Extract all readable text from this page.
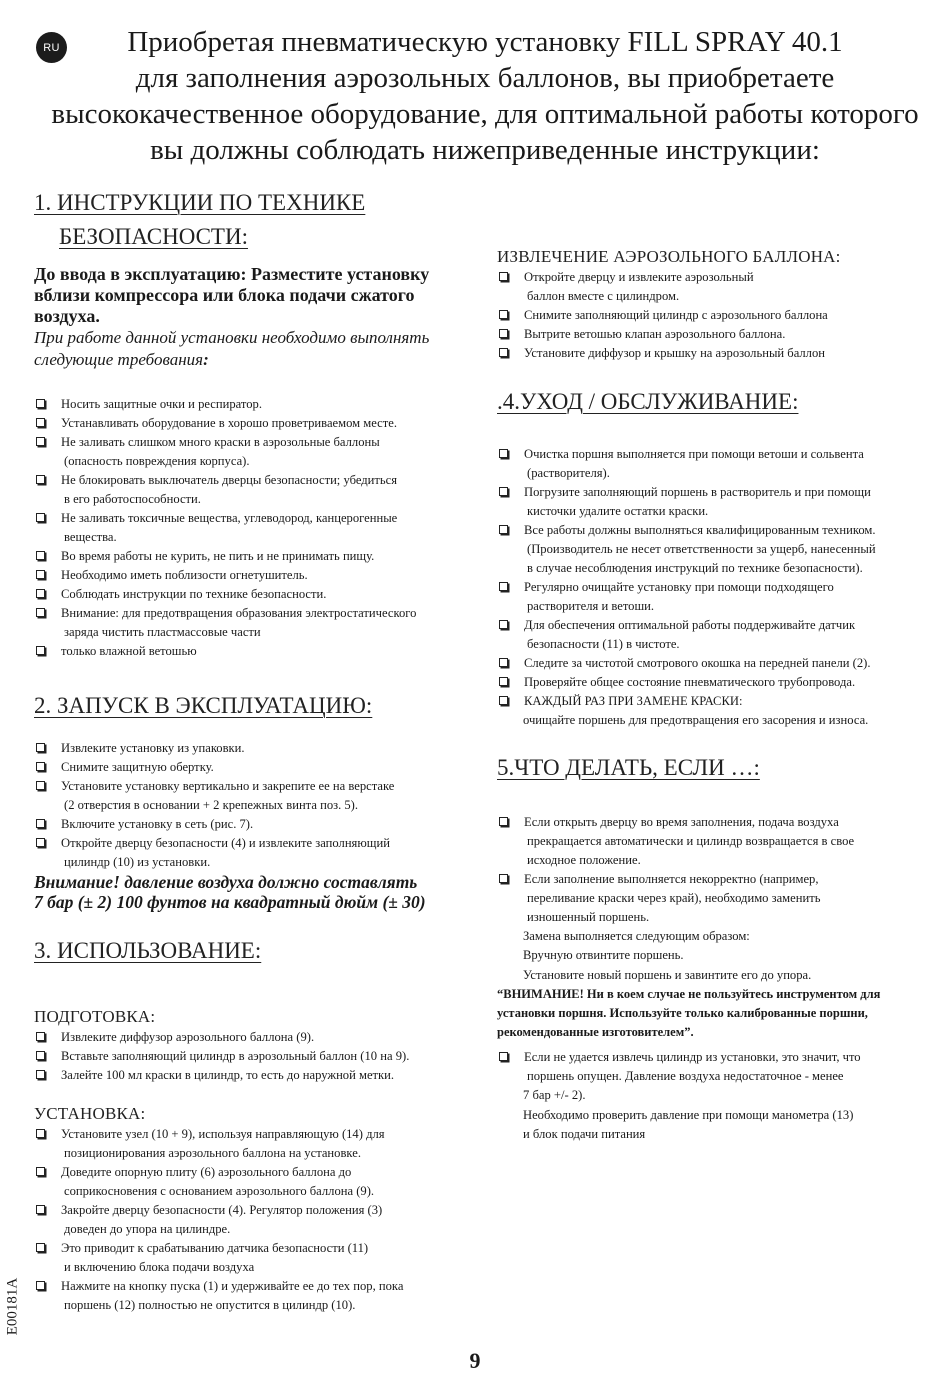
RU	Приобретая пневматическую установку FILL SPRAY 40.1
для заполнения аэрозольных баллонов, вы приобретаете
высококачественное оборудование, для оптимальной работы которого
вы должны соблюдать нижеприведенные инструкции:
1. ИНСТРУКЦИИ ПО ТЕХНИКЕ
БЕЗОПАСНОСТИ:
До ввода в эксплуатацию: Разместите установку вблизи компрессора или блока подачи сжатого воздуха.
При работе данной установки необходимо выполнять следующие требования:
Носить защитные очки и респиратор.
Устанавливать оборудование в хорошо проветриваемом месте.
Не заливать слишком много краски в аэрозольные баллоны
(опасность повреждения корпуса).
Не блокировать выключатель дверцы безопасности; убедиться
в его работоспособности.
Не заливать токсичные вещества, углеводород, канцерогенные
вещества.
Во время работы не курить, не пить и не принимать пищу.
Необходимо иметь поблизости огнетушитель.
Соблюдать инструкции по технике безопасности.
Внимание: для предотвращения образования электростатического
заряда чистить пластмассовые части
только влажной ветошью
2. ЗАПУСК В ЭКСПЛУАТАЦИЮ:
Извлеките установку из упаковки.
Снимите защитную обертку.
Установите установку вертикально и закрепите ее на верстаке
(2 отверстия в основании + 2 крепежных винта поз. 5).
Включите установку в сеть (рис. 7).
Откройте дверцу безопасности (4) и извлеките заполняющий
цилиндр (10) из установки.
Внимание! давление воздуха должно составлять
7 бар (± 2) 100 фунтов на квадратный дюйм (± 30)
3. ИСПОЛЬЗОВАНИЕ:
ПОДГОТОВКА:
Извлеките диффузор аэрозольного баллона (9).
Вставьте заполняющий цилиндр в аэрозольный баллон (10 на 9).
Залейте 100 мл краски в цилиндр, то есть до наружной метки.
УСТАНОВКА:
Установите узел (10 + 9), используя направляющую (14) для
позиционирования аэрозольного баллона на установке.
Доведите опорную плиту (6) аэрозольного баллона до
соприкосновения с основанием аэрозольного баллона (9).
Закройте дверцу безопасности (4). Регулятор положения (3)
доведен до упора на цилиндре.
Это приводит к срабатыванию датчика безопасности (11)
и включению блока подачи воздуха
Нажмите на кнопку пуска (1) и удерживайте ее до тех пор, пока
поршень (12) полностью не опустится в цилиндр (10).
ИЗВЛЕЧЕНИЕ АЭРОЗОЛЬНОГО БАЛЛОНА:
Откройте дверцу и извлеките аэрозольный
баллон вместе с цилиндром.
Снимите заполняющий цилиндр с аэрозольного баллона
Вытрите ветошью клапан аэрозольного баллона.
Установите диффузор и крышку на аэрозольный баллон
.4.УХОД / ОБСЛУЖИВАНИЕ:
Очистка поршня выполняется при помощи ветоши и сольвента
(растворителя).
Погрузите заполняющий поршень в растворитель и при помощи
кисточки удалите остатки краски.
Все работы должны выполняться квалифицированным техником.
(Производитель не несет ответственности за ущерб, нанесенный
в случае несоблюдения инструкций по технике безопасности).
Регулярно очищайте установку при помощи подходящего
растворителя и ветоши.
Для обеспечения оптимальной работы поддерживайте датчик
безопасности (11) в чистоте.
Следите за чистотой смотрового окошка на передней панели (2).
Проверяйте общее состояние пневматического трубопровода.
КАЖДЫЙ РАЗ ПРИ ЗАМЕНЕ КРАСКИ:
очищайте поршень для предотвращения его засорения и износа.
5.ЧТО ДЕЛАТЬ, ЕСЛИ …:
Если открыть дверцу во время заполнения, подача воздуха
прекращается автоматически и цилиндр возвращается в свое
исходное положение.
Если заполнение выполняется некорректно (например,
переливание краски через край), необходимо заменить
изношенный поршень.
Замена выполняется следующим образом:
Вручную отвинтите поршень.
Установите новый поршень и завинтите его до упора.
“ВНИМАНИЕ! Ни в коем случае не пользуйтесь инструментом для установки поршня. Используйте только калиброванные поршни, рекомендованные изготовителем”.
Если не удается извлечь цилиндр из установки, это значит, что
поршень опущен. Давление воздуха недостаточное - менее
7 бар +/- 2).
Необходимо проверить давление при помощи манометра (13)
и блок подачи питания
E00181A
9
